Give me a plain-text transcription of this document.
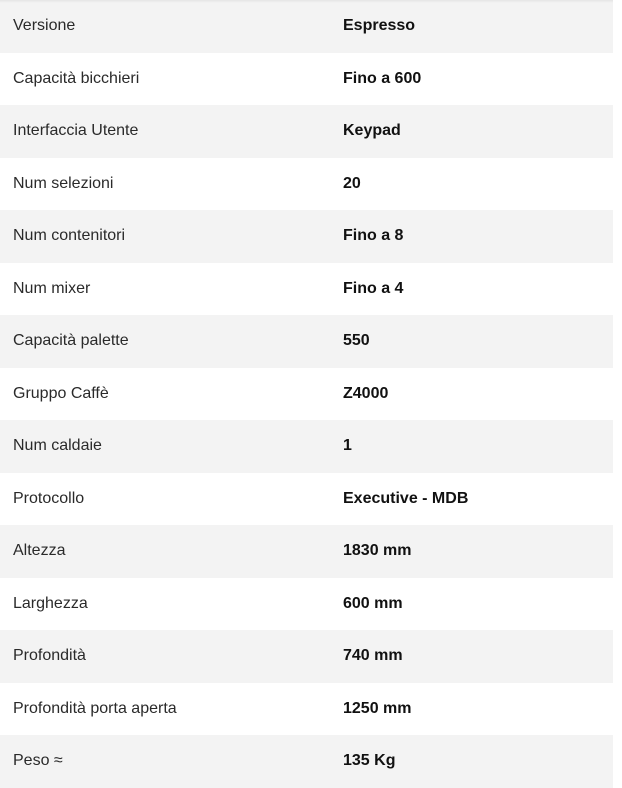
Versione	Espresso
Capacità bicchieri	Fino a 600
Interfaccia Utente	Keypad
Num selezioni	20
Num contenitori	Fino a 8
Num mixer	Fino a 4
Capacità palette	550
Gruppo Caffè	Z4000
Num caldaie	1
Protocollo	Executive - MDB
Altezza	1830 mm
Larghezza	600 mm
Profondità	740 mm
Profondità porta aperta	1250 mm
Peso ≈	135 Kg
